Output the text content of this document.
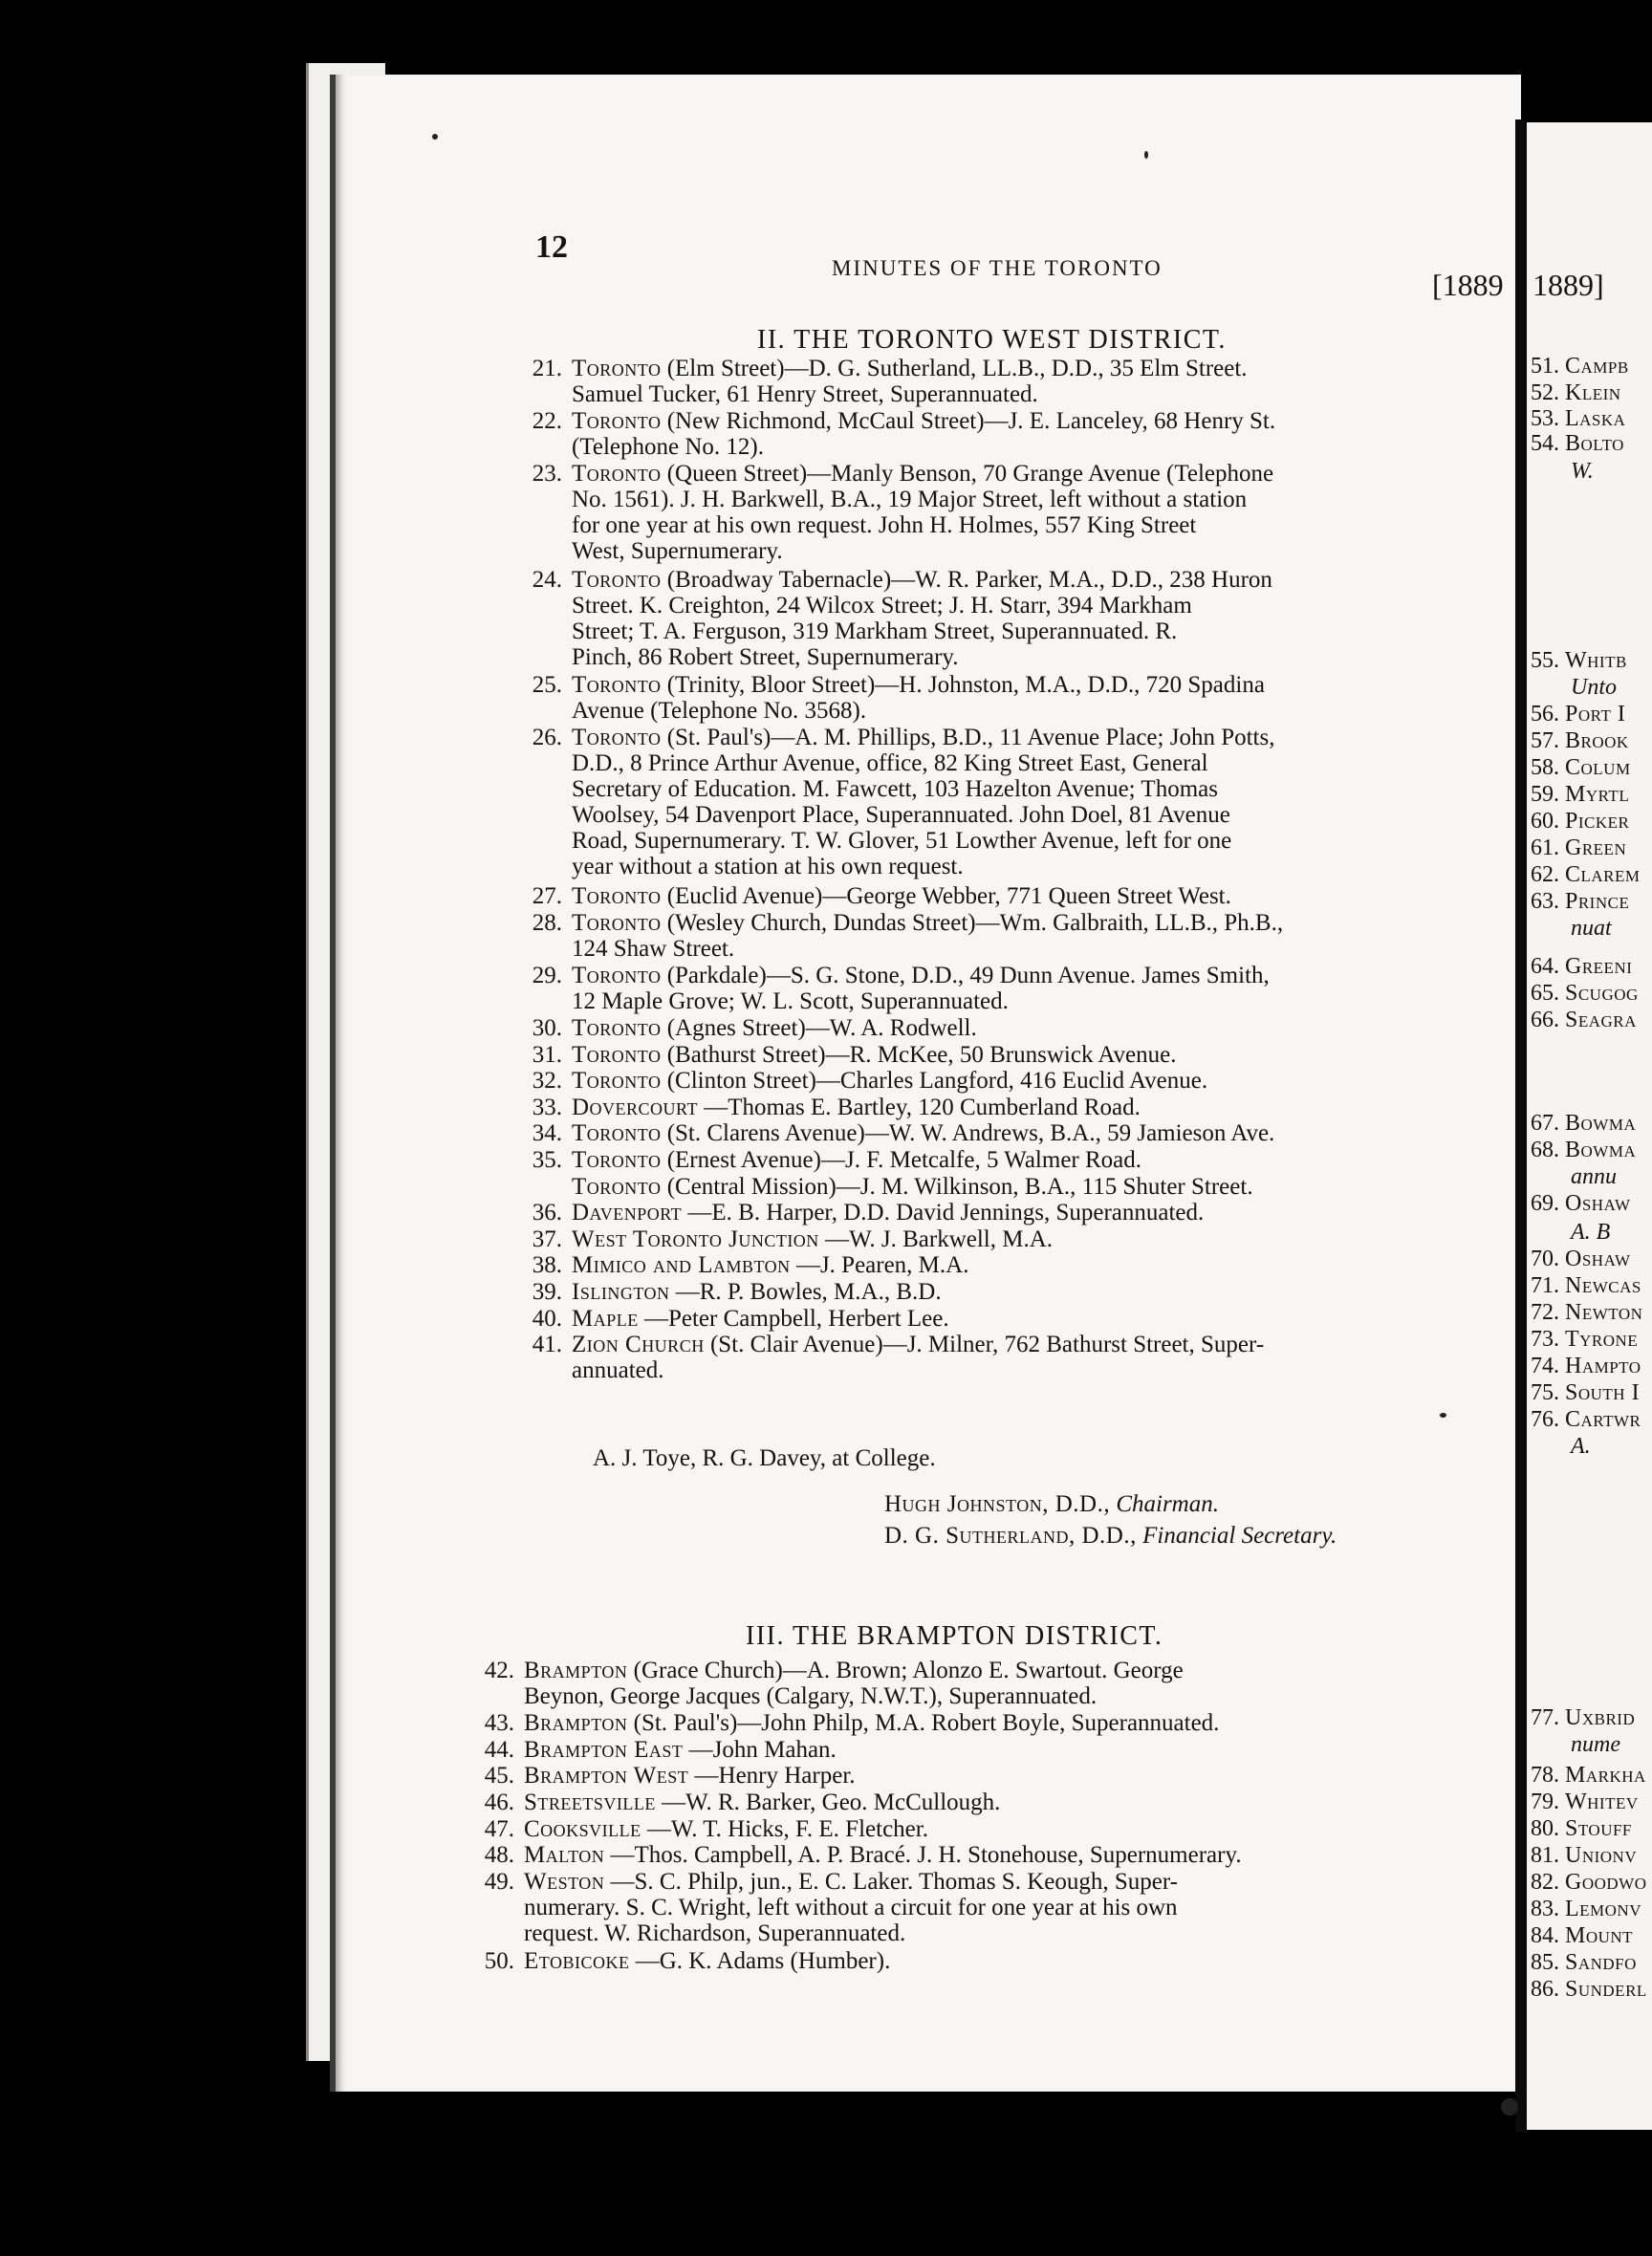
12
MINUTES OF THE TORONTO	[1889
II. THE TORONTO WEST DISTRICT.
21. Toronto (Elm Street)—D. G. Sutherland, LL.B., D.D., 35 Elm Street.
Samuel Tucker, 61 Henry Street, Superannuated.
22. Toronto (New Richmond, McCaul Street)—J. E. Lanceley, 68 Henry St.
(Telephone No. 12).
23. Toronto (Queen Street)—Manly Benson, 70 Grange Avenue (Telephone
No. 1561). J. H. Barkwell, B.A., 19 Major Street, left without a station
for one year at his own request. John H. Holmes, 557 King Street
West, Supernumerary.
24. Toronto (Broadway Tabernacle)—W. R. Parker, M.A., D.D., 238 Huron
Street. K. Creighton, 24 Wilcox Street; J. H. Starr, 394 Markham
Street; T. A. Ferguson, 319 Markham Street, Superannuated. R.
Pinch, 86 Robert Street, Supernumerary.
25. Toronto (Trinity, Bloor Street)—H. Johnston, M.A., D.D., 720 Spadina
Avenue (Telephone No. 3568).
26. Toronto (St. Paul's)—A. M. Phillips, B.D., 11 Avenue Place; John Potts,
D.D., 8 Prince Arthur Avenue, office, 82 King Street East, General
Secretary of Education. M. Fawcett, 103 Hazelton Avenue; Thomas
Woolsey, 54 Davenport Place, Superannuated. John Doel, 81 Avenue
Road, Supernumerary. T. W. Glover, 51 Lowther Avenue, left for one
year without a station at his own request.
27. Toronto (Euclid Avenue)—George Webber, 771 Queen Street West.
28. Toronto (Wesley Church, Dundas Street)—Wm. Galbraith, LL.B., Ph.B.,
124 Shaw Street.
29. Toronto (Parkdale)—S. G. Stone, D.D., 49 Dunn Avenue. James Smith,
12 Maple Grove; W. L. Scott, Superannuated.
30. Toronto (Agnes Street)—W. A. Rodwell.
31. Toronto (Bathurst Street)—R. McKee, 50 Brunswick Avenue.
32. Toronto (Clinton Street)—Charles Langford, 416 Euclid Avenue.
33. Dovercourt —Thomas E. Bartley, 120 Cumberland Road.
34. Toronto (St. Clarens Avenue)—W. W. Andrews, B.A., 59 Jamieson Ave.
35. Toronto (Ernest Avenue)—J. F. Metcalfe, 5 Walmer Road.
Toronto (Central Mission)—J. M. Wilkinson, B.A., 115 Shuter Street.
36. Davenport —E. B. Harper, D.D. David Jennings, Superannuated.
37. West Toronto Junction —W. J. Barkwell, M.A.
38. Mimico and Lambton —J. Pearen, M.A.
39. Islington —R. P. Bowles, M.A., B.D.
40. Maple —Peter Campbell, Herbert Lee.
41. Zion Church (St. Clair Avenue)—J. Milner, 762 Bathurst Street, Super-
annuated.
A. J. Toye, R. G. Davey, at College.
Hugh Johnston, D.D., Chairman.
D. G. Sutherland, D.D., Financial Secretary.
III. THE BRAMPTON DISTRICT.
42. Brampton (Grace Church)—A. Brown; Alonzo E. Swartout. George
Beynon, George Jacques (Calgary, N.W.T.), Superannuated.
43. Brampton (St. Paul's)—John Philp, M.A. Robert Boyle, Superannuated.
44. Brampton East —John Mahan.
45. Brampton West —Henry Harper.
46. Streetsville —W. R. Barker, Geo. McCullough.
47. Cooksville —W. T. Hicks, F. E. Fletcher.
48. Malton —Thos. Campbell, A. P. Bracé. J. H. Stonehouse, Supernumerary.
49. Weston —S. C. Philp, jun., E. C. Laker. Thomas S. Keough, Super-
numerary. S. C. Wright, left without a circuit for one year at his own
request. W. Richardson, Superannuated.
50. Etobicoke —G. K. Adams (Humber).
1889]
51. Campb
52. Klein
53. Laska
54. Bolto
W.
55. Whitb
Unto
56. Port I
57. Brook
58. Colum
59. Myrtl
60. Picker
61. Green
62. Clarem
63. Prince
nuat
64. Greeni
65. Scugog
66. Seagra
67. Bowma
68. Bowma
annu
69. Oshaw
A. B
70. Oshaw
71. Newcas
72. Newton
73. Tyrone
74. Hampto
75. South I
76. Cartwr
A.
77. Uxbrid
nume
78. Markha
79. Whitev
80. Stouff
81. Unionv
82. Goodwo
83. Lemonv
84. Mount
85. Sandfo
86. Sunderl
